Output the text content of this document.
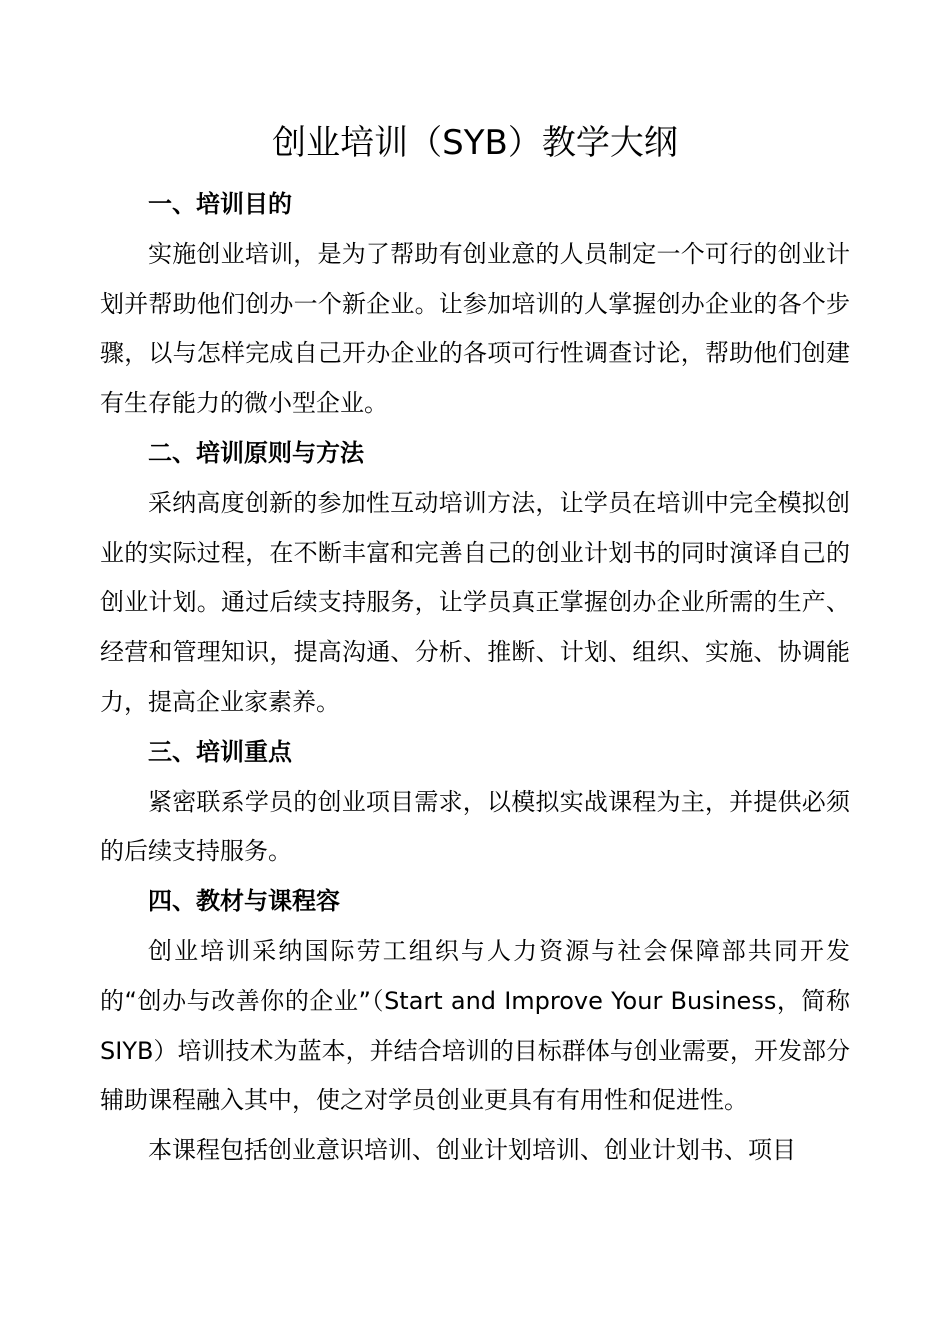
创业培训（SYB）教学大纲

一、培训目的

实施创业培训，是为了帮助有创业意的人员制定一个可行的创业计划并帮助他们创办一个新企业。让参加培训的人掌握创办企业的各个步骤，以与怎样完成自己开办企业的各项可行性调查讨论，帮助他们创建有生存能力的微小型企业。

二、培训原则与方法

采纳高度创新的参加性互动培训方法，让学员在培训中完全模拟创业的实际过程，在不断丰富和完善自己的创业计划书的同时演译自己的创业计划。通过后续支持服务，让学员真正掌握创办企业所需的生产、经营和管理知识，提高沟通、分析、推断、计划、组织、实施、协调能力，提高企业家素养。

三、培训重点

紧密联系学员的创业项目需求，以模拟实战课程为主，并提供必须的后续支持服务。

四、教材与课程容

创业培训采纳国际劳工组织与人力资源与社会保障部共同开发的“创办与改善你的企业”（Start and Improve Your Business，简称SIYB）培训技术为蓝本，并结合培训的目标群体与创业需要，开发部分辅助课程融入其中，使之对学员创业更具有有用性和促进性。

本课程包括创业意识培训、创业计划培训、创业计划书、项目
